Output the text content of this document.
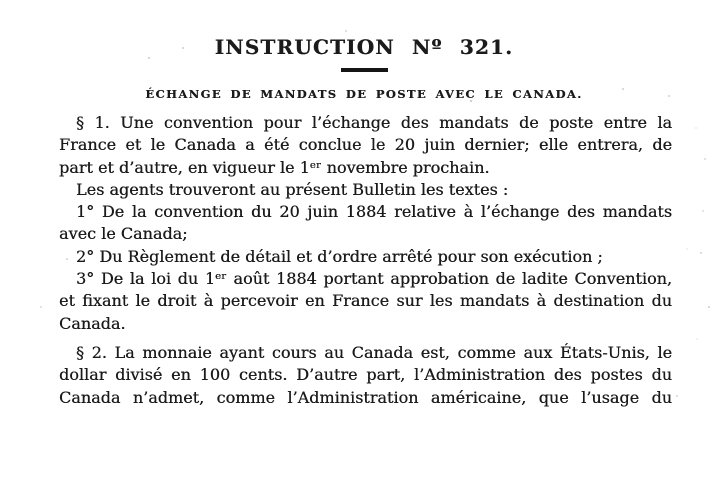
INSTRUCTION Nº 321.
ÉCHANGE DE MANDATS DE POSTE AVEC LE CANADA.
§ 1. Une convention pour l’échange des mandats de poste entre la
France et le Canada a été conclue le 20 juin dernier; elle entrera, de
part et d’autre, en vigueur le 1ᵉʳ novembre prochain.
Les agents trouveront au présent Bulletin les textes :
1° De la convention du 20 juin 1884 relative à l’échange des mandats
avec le Canada;
2° Du Règlement de détail et d’ordre arrêté pour son exécution ;
3° De la loi du 1ᵉʳ août 1884 portant approbation de ladite Convention,
et fixant le droit à percevoir en France sur les mandats à destination du
Canada.
§ 2. La monnaie ayant cours au Canada est, comme aux États-Unis, le
dollar divisé en 100 cents. D’autre part, l’Administration des postes du
Canada n’admet, comme l’Administration américaine, que l’usage du
